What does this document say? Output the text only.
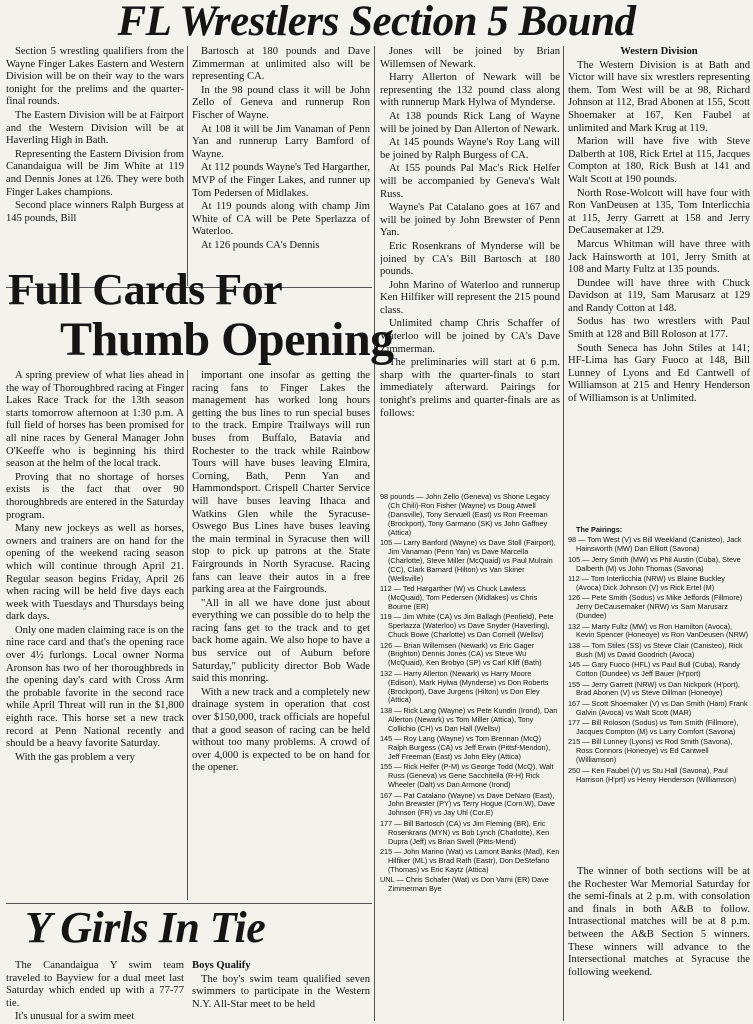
FL Wrestlers Section 5 Bound

Section 5 wrestling qualifiers from the Wayne Finger Lakes Eastern and Western Division will be on their way to the wars tonight for the prelims and the quarter-final rounds.

The Eastern Division will be at Fairport and the Western Division will be at Haverling High in Bath.

Representing the Eastern Division from Canandaigua will be Jim White at 119 and Dennis Jones at 126. They were both Finger Lakes champions.

Second place winners Ralph Burgess at 145 pounds, Bill

Bartosch at 180 pounds and Dave Zimmerman at unlimited also will be representing CA.

In the 98 pound class it will be John Zello of Geneva and runnerup Ron Fischer of Wayne.

At 108 it will be Jim Vanaman of Penn Yan and runnerup Larry Bamford of Wayne.

At 112 pounds Wayne's Ted Hargarther, MVP of the Finger Lakes, and runner up Tom Pedersen of Midlakes.

At 119 pounds along with champ Jim White of CA will be Pete Sperlazza of Waterloo.

At 126 pounds CA's Dennis

Jones will be joined by Brian Willemsen of Newark.

Harry Allerton of Newark will be representing the 132 pound class along with runnerup Mark Hylwa of Mynderse.

At 138 pounds Rick Lang of Wayne will be joined by Dan Allerton of Newark.

At 145 pounds Wayne's Roy Lang will be joined by Ralph Burgess of CA.

At 155 pounds Pal Mac's Rick Helfer will be accompanied by Geneva's Walt Russ.

Wayne's Pat Catalano goes at 167 and will be joined by John Brewster of Penn Yan.

Eric Rosenkrans of Mynderse will be joined by CA's Bill Bartosch at 180 pounds.

John Marino of Waterloo and runnerup Ken Hilfiker will represent the 215 pound class.

Unlimited champ Chris Schaffer of Waterloo will be joined by CA's Dave Zimmerman.

The preliminaries will start at 6 p.m. sharp with the quarter-finals to start immediately afterward. Pairings for tonight's prelims and quarter-finals are as follows:

98 pounds — John Zello (Geneva) vs Shone Legacy (Ch Chili)-Ron Fisher (Wayne) vs Doug Atwell (Dansville), Tony Servuell (East) vs Ron Freeman (Brockport), Tony Garmano (SK) vs John Gaffney (Attica)

105 — Larry Banford (Wayne) vs Dave Stoll (Fairport), Jim Vanaman (Penn Yan) vs Dave Marcella (Charlotte), Steve Miller (McQuaid) vs Paul Mulrain (CC), Clark Barnard (Hilton) vs Van Skiner (Wellsville)

112 — Ted Hargarther (W) vs Chuck Lawless (McQuaid), Tom Pedersen (Midlakes) vs Chris Bourne (ER)

119 — Jim White (CA) vs Jim Ballagh (Penfield), Pete Sperlazza (Waterloo) vs Dave Snyder (Haverling), Chuck Bowe (Charlotte) vs Dan Cornell (Wellsv)

126 — Brian Willemsen (Newark) vs Eric Gager (Brighton) Dennis Jones (CA) vs Steve Wu (McQuaid), Ken Brobyo (SP) vs Carl Kliff (Bath)

132 — Harry Allerton (Newark) vs Harry Moore (Edison), Mark Hylwa (Mynderse) vs Don Roberts (Brockport), Dave Jurgens (Hilton) vs Don Eley (Attica)

138 — Rick Lang (Wayne) vs Pete Kundin (Irond), Dan Allerton (Newark) vs Tom Miller (Attica), Tony Collichio (CH) vs Dan Hall (Wellsv)

145 — Roy Lang (Wayne) vs Tom Brennan (McQ) Ralph Burgess (CA) vs Jeff Erwin (Pittsf-Mendon), Jeff Freeman (East) vs John Eley (Attica)

155 — Rick Helfer (P-M) vs George Todd (McQ), Walt Russ (Geneva) vs Gene Sacchitella (R-H) Rick Wheeler (Dalt) vs Dan Armone (Irond)

167 — Pat Catalano (Wayne) vs Dave DeNaro (East), John Brewster (PY) vs Terry Hogue (Corn.W), Dave Johnson (FR) vs Jay Uhl (Cor.E)

177 — Bill Bartosch (CA) vs Jim Fleming (BR), Eric Rosenkrans (MYN) vs Bob Lynch (Charlotte), Ken Dupra (Jeff) vs Brian Swell (Pitts-Mend)

215 — John Marino (Wat) vs Lamont Banks (Mad), Ken Hilfiker (ML) vs Brad Rath (Eastr), Don DeStefano (Thomas) vs Eric Kaytz (Attica)

UNL — Chris Schafer (Wat) vs Don Varni (ER) Dave Zimmerman Bye

Western Division

The Western Division is at Bath and Victor will have six wrestlers representing them. Tom West will be at 98, Richard Johnson at 112, Brad Abonen at 155, Scott Shoemaker at 167, Ken Faubel at unlimited and Mark Krug at 119.

Marion will have five with Steve Dalberth at 108, Rick Ertel at 115, Jacques Compton at 180, Rick Bush at 141 and Walt Scott at 190 pounds.

North Rose-Wolcott will have four with Ron VanDeusen at 135, Tom Interlicchia at 115, Jerry Garrett at 158 and Jerry DeCausemaker at 129.

Marcus Whitman will have three with Jack Hainsworth at 101, Jerry Smith at 108 and Marty Fultz at 135 pounds.

Dundee will have three with Chuck Davidson at 119, Sam Marusarz at 129 and Randy Cotton at 148.

Sodus has two wrestlers with Paul Smith at 128 and Bill Roloson at 177.

South Seneca has John Stiles at 141; HF-Lima has Gary Fuoco at 148, Bill Lunney of Lyons and Ed Cantwell of Williamson at 215 and Henry Henderson of Williamson is at Unlimited.

The Pairings:

98 — Tom West (V) vs Bill Weekland (Canisteo), Jack Hainsworth (MW) Dan Elliott (Savona)

105 — Jerry Smith (MW) vs Phil Austin (Cuba), Steve Dalberth (M) vs John Thomas (Savona)

112 — Tom Interlicchia (NRW) vs Blaine Buckley (Avoca) Dick Johnson (V) vs Rick Ertel (M)

126 — Pete Smith (Sodus) vs Mike Jeffords (Fillmore) Jerry DeCausemaker (NRW) vs Sam Marusarz (Dundee)

132 — Marty Fultz (MW) vs Ron Hamilton (Avoca), Kevin Spencer (Honeoye) vs Ron VanDeusen (NRW)

138 — Tom Stiles (SS) vs Steve Clair (Canisteo), Rick Bush (M) vs David Goodrich (Avoca)

145 — Gary Fuoco (HFL) vs Paul Bull (Cuba), Randy Cotton (Dundee) vs Jeff Bauer (H'port)

155 — Jerry Garrett (NRW) vs Dan Nickpork (H'port), Brad Abonen (V) vs Steve Dillman (Honeoye)

167 — Scott Shoemaker (V) vs Dan Smith (Ham) Frank Galvin (Avoca) vs Walt Scott (MAR)

177 — Bill Roloson (Sodus) vs Tom Smith (Fillmore), Jacques Compton (M) vs Larry Comfort (Savona)

215 — Bill Lunney (Lyons) vs Rod Smith (Savona), Ross Connors (Honeoye) vs Ed Cantwell (Williamson)

250 — Ken Faubel (V) vs Stu Hall (Savona), Paul Harrison (H'prt) vs Henry Henderson (Williamson)

The winner of both sections will be at the Rochester War Memorial Saturday for the semi-finals at 2 p.m. with consolation and finals in both A&B to follow. Intrasectional matches will be at 8 p.m. between the A&B Section 5 winners. These winners will advance to the Intersectional matches at Syracuse the following weekend.

Full Cards For
Thumb Opening

A spring preview of what lies ahead in the way of Thoroughbred racing at Finger Lakes Race Track for the 13th season starts tomorrow afternoon at 1:30 p.m. A full field of horses has been promised for all nine races by General Manager John O'Keeffe who is beginning his third season at the helm of the local track.

Proving that no shortage of horses exists is the fact that over 90 thoroughbreds are entered in the Saturday program.

Many new jockeys as well as horses, owners and trainers are on hand for the opening of the weekend racing season which will continue through April 21. Regular season begins Friday, April 26 when racing will be held five days each week with Tuesdays and Thursdays being dark days.

Only one maden claiming race is on the nine race card and that's the opening race over 4½ furlongs. Local owner Norma Aronson has two of her thoroughbreds in the opening day's card with Cross Arm the probable favorite in the second race while April Threat will run in the $1,800 eighth race. This horse set a new track record at Penn National recently and should be a heavy favorite Saturday.

With the gas problem a very

important one insofar as getting the racing fans to Finger Lakes the management has worked long hours getting the bus lines to run special buses to the track. Empire Trailways will run buses from Buffalo, Batavia and Rochester to the track while Rainbow Tours will have buses leaving Elmira, Corning, Bath, Penn Yan and Hammondsport. Crispell Charter Service will have buses leaving Ithaca and Watkins Glen while the Syracuse-Oswego Bus Lines have buses leaving the main terminal in Syracuse then will stop to pick up patrons at the State Fairgrounds in North Syracuse. Racing fans can leave their autos in a free parking area at the Fairgrounds.

"All in all we have done just about everything we can possible do to help the racing fans get to the track and to get back home again. We also hope to have a bus service out of Auburn before Saturday," publicity director Bob Wade said this monring.

With a new track and a completely new drainage system in operation that cost over $150,000, track officials are hopeful that a good season of racing can be held without too many problems. A crowd of over 4,000 is expected to be on hand for the opener.

Y Girls In Tie

The Canandaigua Y swim team traveled to Bayview for a dual meet last Saturday which ended up with a 77-77 tie.

It's unusual for a swim meet

Boys Qualify

The boy's swim team qualified seven swimmers to participate in the Western N.Y. All-Star meet to be held
